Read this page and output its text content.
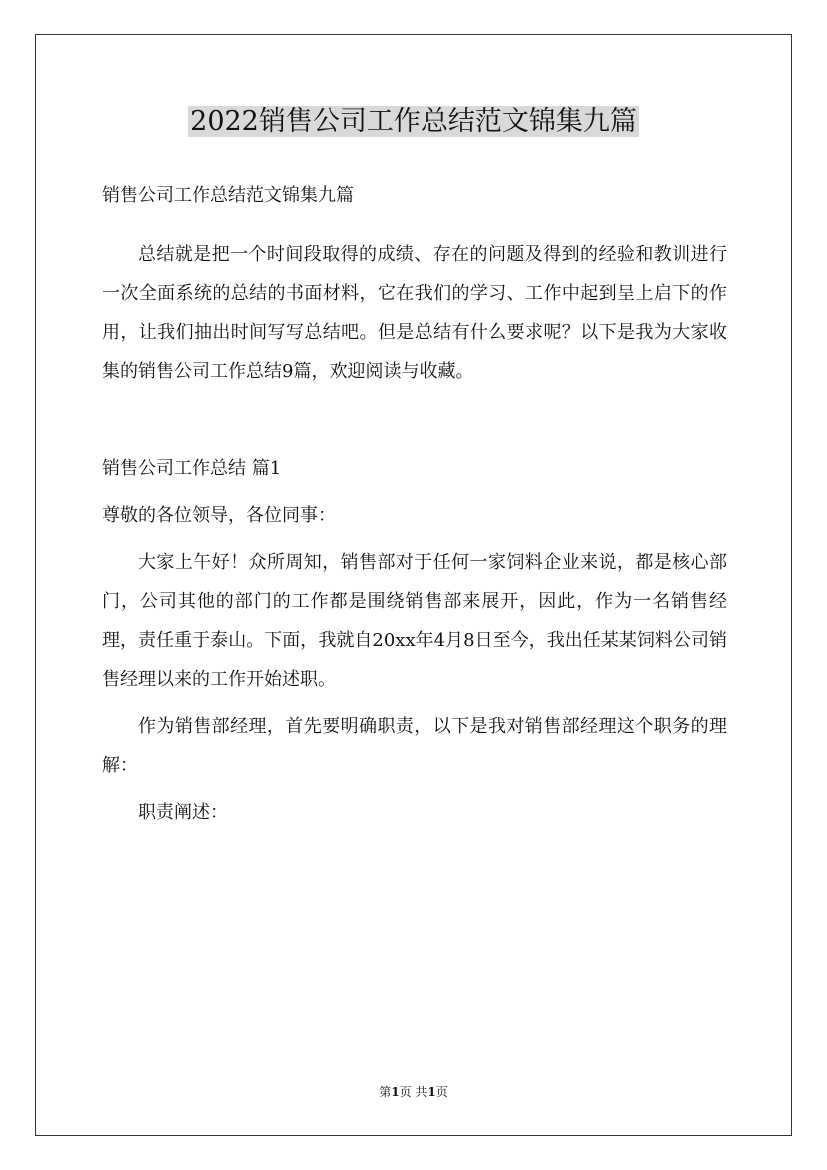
2022销售公司工作总结范文锦集九篇

销售公司工作总结范文锦集九篇

总结就是把一个时间段取得的成绩、存在的问题及得到的经验和教训进行一次全面系统的总结的书面材料，它在我们的学习、工作中起到呈上启下的作用，让我们抽出时间写写总结吧。但是总结有什么要求呢？以下是我为大家收集的销售公司工作总结9篇，欢迎阅读与收藏。

销售公司工作总结 篇1

尊敬的各位领导，各位同事：

大家上午好！众所周知，销售部对于任何一家饲料企业来说，都是核心部门，公司其他的部门的工作都是围绕销售部来展开，因此，作为一名销售经理，责任重于泰山。下面，我就自20xx年4月8日至今，我出任某某饲料公司销售经理以来的工作开始述职。

作为销售部经理，首先要明确职责，以下是我对销售部经理这个职务的理解：

职责阐述：

第1页 共1页
